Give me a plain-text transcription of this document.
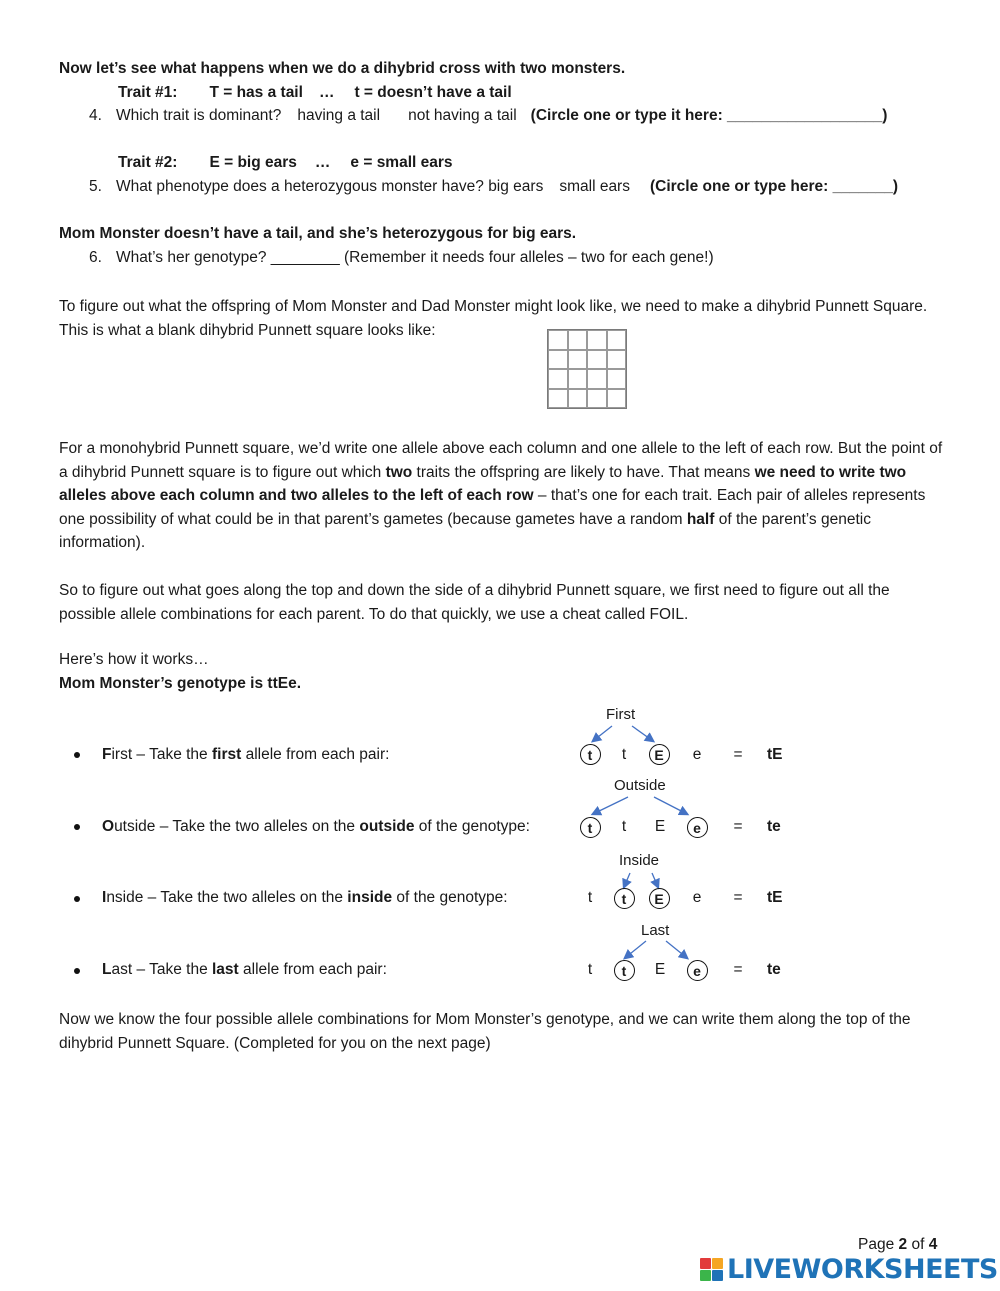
Now let’s see what happens when we do a dihybrid cross with two monsters.
Trait #1: T = has a tail … t = doesn’t have a tail
4. Which trait is dominant? having a tail not having a tail (Circle one or type it here: __________________)
Trait #2: E = big ears … e = small ears
5. What phenotype does a heterozygous monster have? big ears small ears (Circle one or type here: _______)
Mom Monster doesn’t have a tail, and she’s heterozygous for big ears.
6. What’s her genotype? ________ (Remember it needs four alleles – two for each gene!)
To figure out what the offspring of Mom Monster and Dad Monster might look like, we need to make a dihybrid Punnett Square. This is what a blank dihybrid Punnett square looks like:
For a monohybrid Punnett square, we’d write one allele above each column and one allele to the left of each row. But the point of a dihybrid Punnett square is to figure out which two traits the offspring are likely to have. That means we need to write two alleles above each column and two alleles to the left of each row – that’s one for each trait. Each pair of alleles represents one possibility of what could be in that parent’s gametes (because gametes have a random half of the parent’s genetic information).
So to figure out what goes along the top and down the side of a dihybrid Punnett square, we first need to figure out all the possible allele combinations for each parent. To do that quickly, we use a cheat called FOIL.
Here’s how it works…
Mom Monster’s genotype is ttEe.
First
First – Take the first allele from each pair:	t	t	E	e	=	tE
Outside
Outside – Take the two alleles on the outside of the genotype:	t	t	E	e	=	te
Inside
Inside – Take the two alleles on the inside of the genotype:	t	t	E	e	=	tE
Last
Last – Take the last allele from each pair:	t	t	E	e	=	te
Now we know the four possible allele combinations for Mom Monster’s genotype, and we can write them along the top of the dihybrid Punnett Square. (Completed for you on the next page)
Page 2 of 4
LIVEWORKSHEETS
